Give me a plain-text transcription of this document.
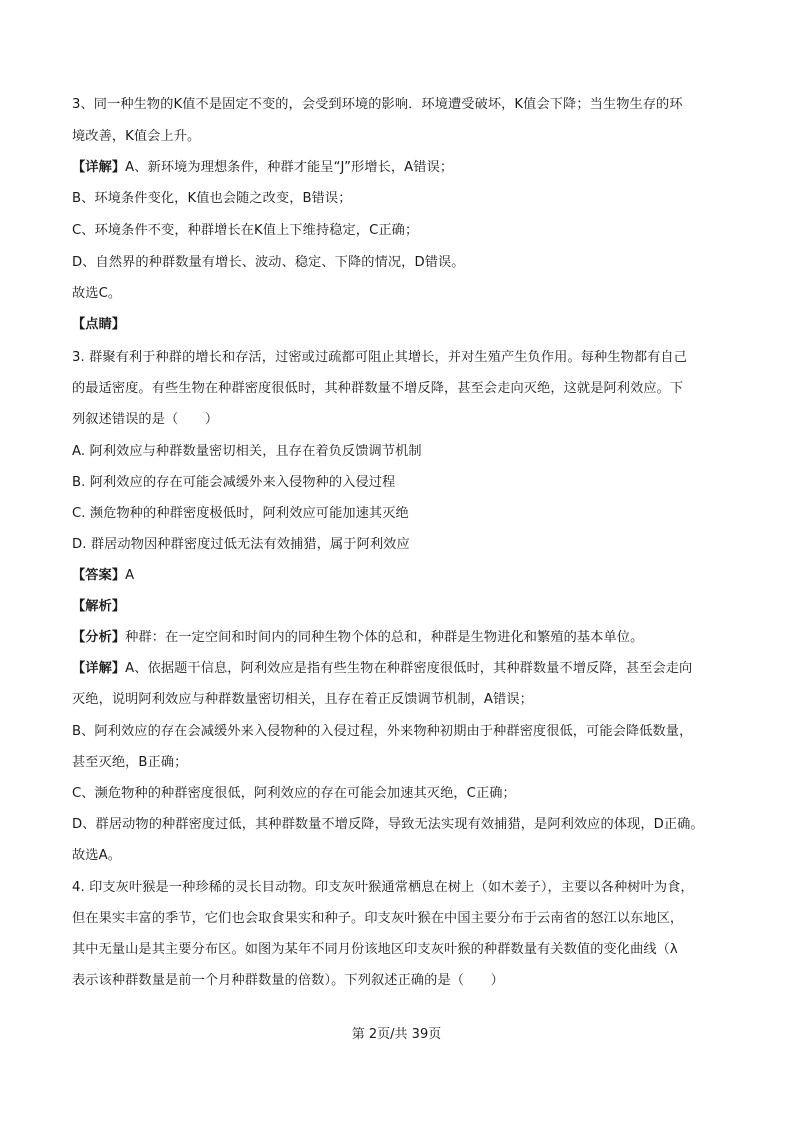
3、同一种生物的K值不是固定不变的，会受到环境的影响．环境遭受破坏，K值会下降；当生物生存的环
境改善，K值会上升。
【详解】A、新环境为理想条件，种群才能呈“J”形增长，A错误；
B、环境条件变化，K值也会随之改变，B错误；
C、环境条件不变，种群增长在K值上下维持稳定，C正确；
D、自然界的种群数量有增长、波动、稳定、下降的情况，D错误。
故选C。
【点睛】
3. 群聚有利于种群的增长和存活，过密或过疏都可阻止其增长，并对生殖产生负作用。每种生物都有自己
的最适密度。有些生物在种群密度很低时，其种群数量不增反降，甚至会走向灭绝，这就是阿利效应。下
列叙述错误的是（　　）
A. 阿利效应与种群数量密切相关，且存在着负反馈调节机制
B. 阿利效应的存在可能会减缓外来入侵物种的入侵过程
C. 濒危物种的种群密度极低时，阿利效应可能加速其灭绝
D. 群居动物因种群密度过低无法有效捕猎，属于阿利效应
【答案】A
【解析】
【分析】种群：在一定空间和时间内的同种生物个体的总和，种群是生物进化和繁殖的基本单位。
【详解】A、依据题干信息，阿利效应是指有些生物在种群密度很低时，其种群数量不增反降，甚至会走向
灭绝，说明阿利效应与种群数量密切相关，且存在着正反馈调节机制，A错误；
B、阿利效应的存在会减缓外来入侵物种的入侵过程，外来物种初期由于种群密度很低，可能会降低数量，
甚至灭绝，B正确；
C、濒危物种的种群密度很低，阿利效应的存在可能会加速其灭绝，C正确；
D、群居动物的种群密度过低，其种群数量不增反降，导致无法实现有效捕猎，是阿利效应的体现，D正确。
故选A。
4. 印支灰叶猴是一种珍稀的灵长目动物。印支灰叶猴通常栖息在树上（如木姜子），主要以各种树叶为食，
但在果实丰富的季节，它们也会取食果实和种子。印支灰叶猴在中国主要分布于云南省的怒江以东地区，
其中无量山是其主要分布区。如图为某年不同月份该地区印支灰叶猴的种群数量有关数值的变化曲线（λ
表示该种群数量是前一个月种群数量的倍数）。下列叙述正确的是（　　）
第 2页/共 39页
